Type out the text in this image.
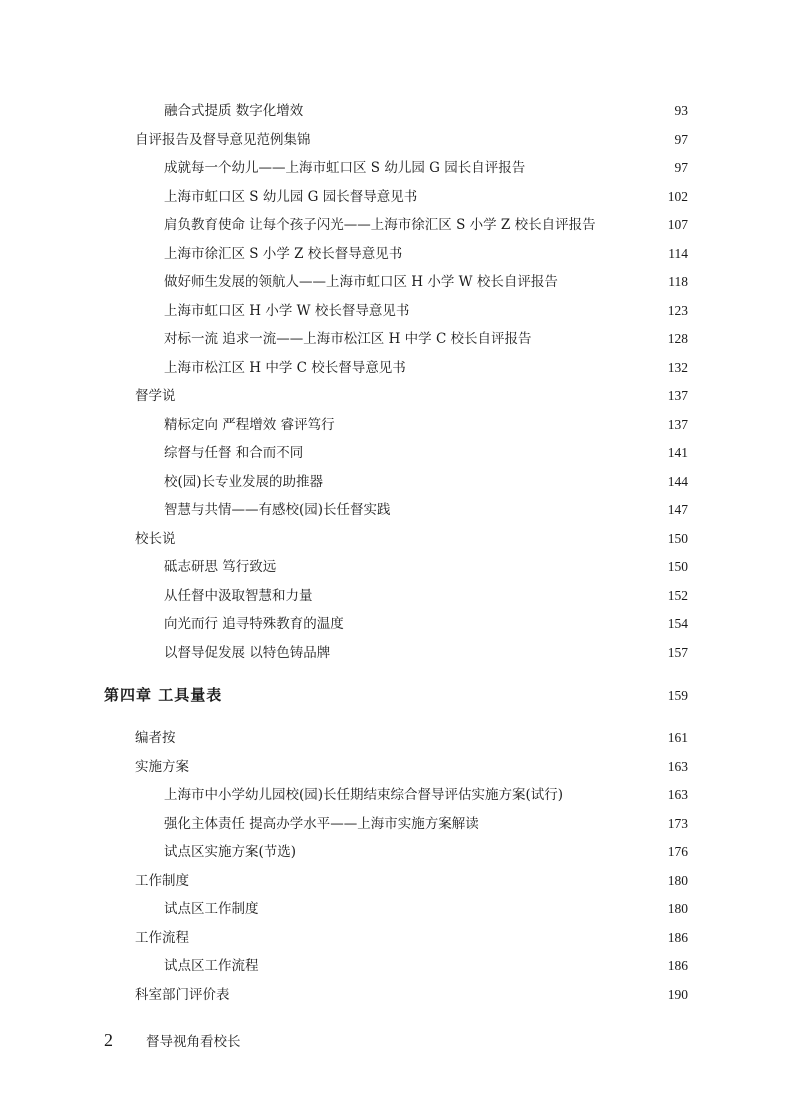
融合式提质 数字化增效	93
自评报告及督导意见范例集锦	97
成就每一个幼儿——上海市虹口区 S 幼儿园 G 园长自评报告	97
上海市虹口区 S 幼儿园 G 园长督导意见书	102
肩负教育使命 让每个孩子闪光——上海市徐汇区 S 小学 Z 校长自评报告	107
上海市徐汇区 S 小学 Z 校长督导意见书	114
做好师生发展的领航人——上海市虹口区 H 小学 W 校长自评报告	118
上海市虹口区 H 小学 W 校长督导意见书	123
对标一流 追求一流——上海市松江区 H 中学 C 校长自评报告	128
上海市松江区 H 中学 C 校长督导意见书	132
督学说	137
精标定向 严程增效 睿评笃行	137
综督与任督 和合而不同	141
校(园)长专业发展的助推器	144
智慧与共情——有感校(园)长任督实践	147
校长说	150
砥志研思 笃行致远	150
从任督中汲取智慧和力量	152
向光而行 追寻特殊教育的温度	154
以督导促发展 以特色铸品牌	157
第四章 工具量表	159
编者按	161
实施方案	163
上海市中小学幼儿园校(园)长任期结束综合督导评估实施方案(试行)	163
强化主体责任 提高办学水平——上海市实施方案解读	173
试点区实施方案(节选)	176
工作制度	180
试点区工作制度	180
工作流程	186
试点区工作流程	186
科室部门评价表	190
2	督导视角看校长
